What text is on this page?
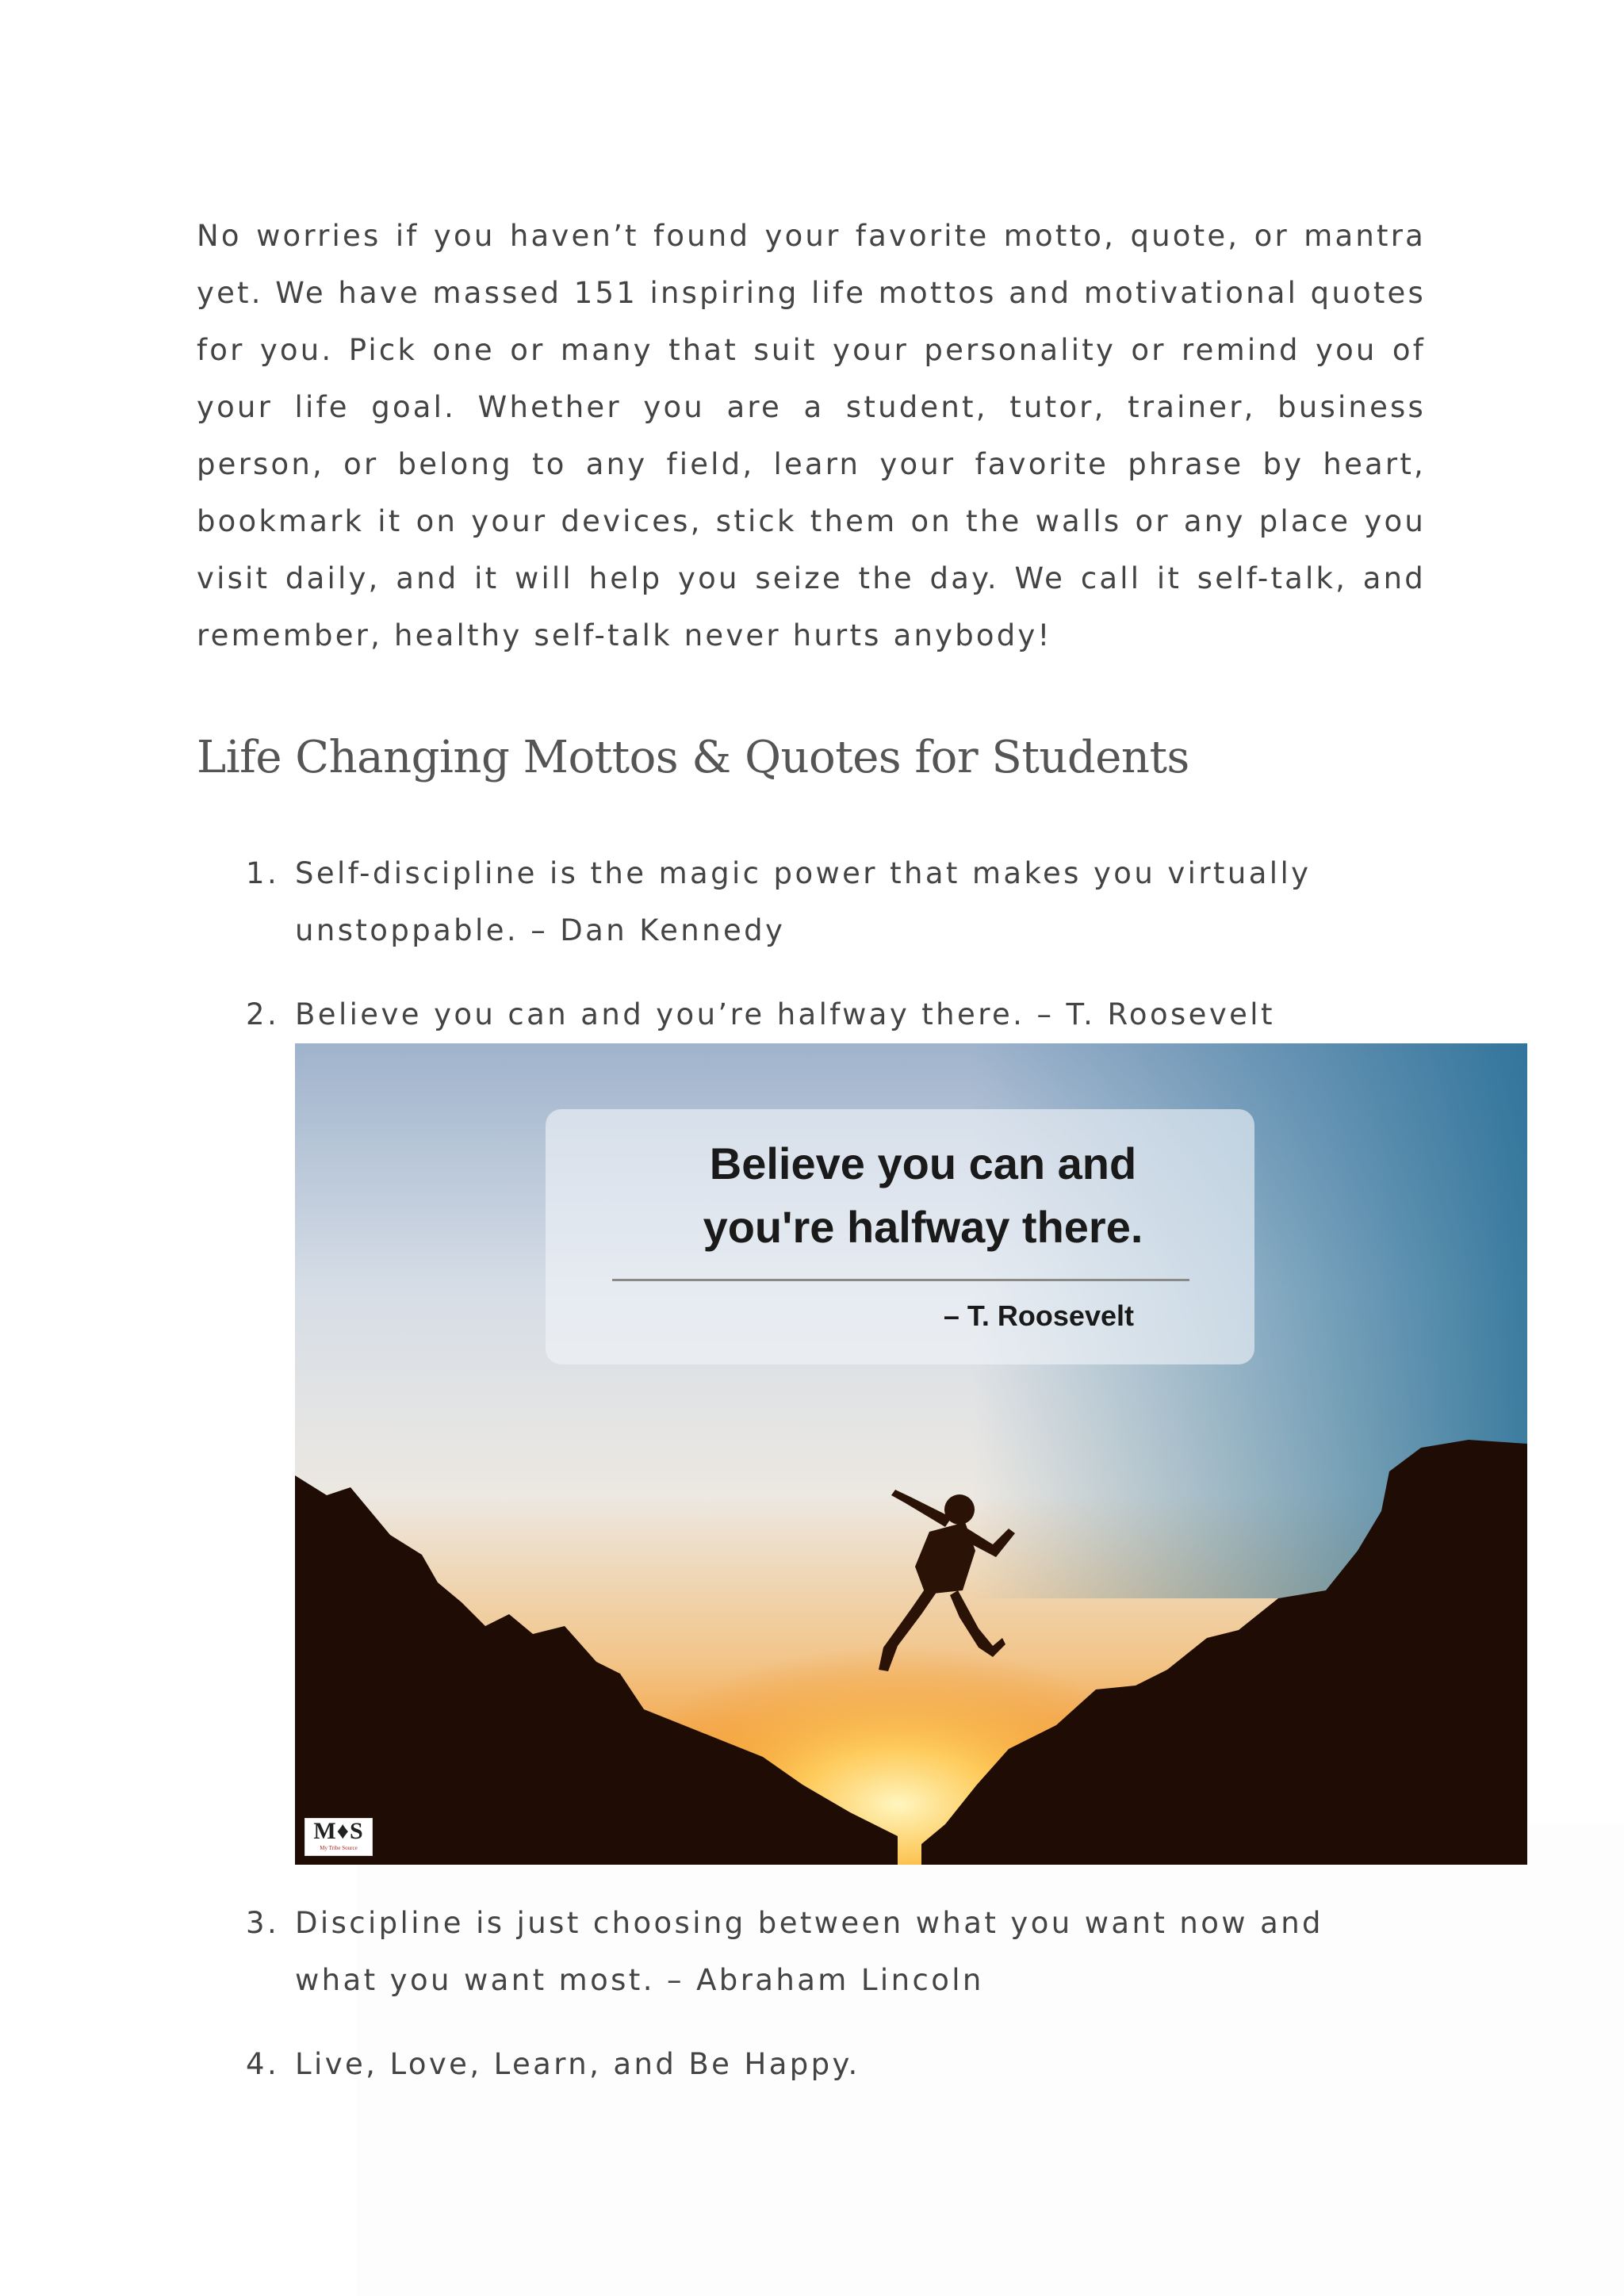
No worries if you haven’t found your favorite motto, quote, or mantra yet. We have massed 151 inspiring life mottos and motivational quotes for you. Pick one or many that suit your personality or remind you of your life goal. Whether you are a student, tutor, trainer, business person, or belong to any field, learn your favorite phrase by heart, bookmark it on your devices, stick them on the walls or any place you visit daily, and it will help you seize the day. We call it self-talk, and remember, healthy self-talk never hurts anybody!

Life Changing Mottos & Quotes for Students
1. Self-discipline is the magic power that makes you virtually unstoppable. – Dan Kennedy
2. Believe you can and you’re halfway there. – T. Roosevelt
Believe you can and
you're halfway there.
– T. Roosevelt
M♦S
My Tribe Source
3. Discipline is just choosing between what you want now and what you want most. – Abraham Lincoln
4. Live, Love, Learn, and Be Happy.
